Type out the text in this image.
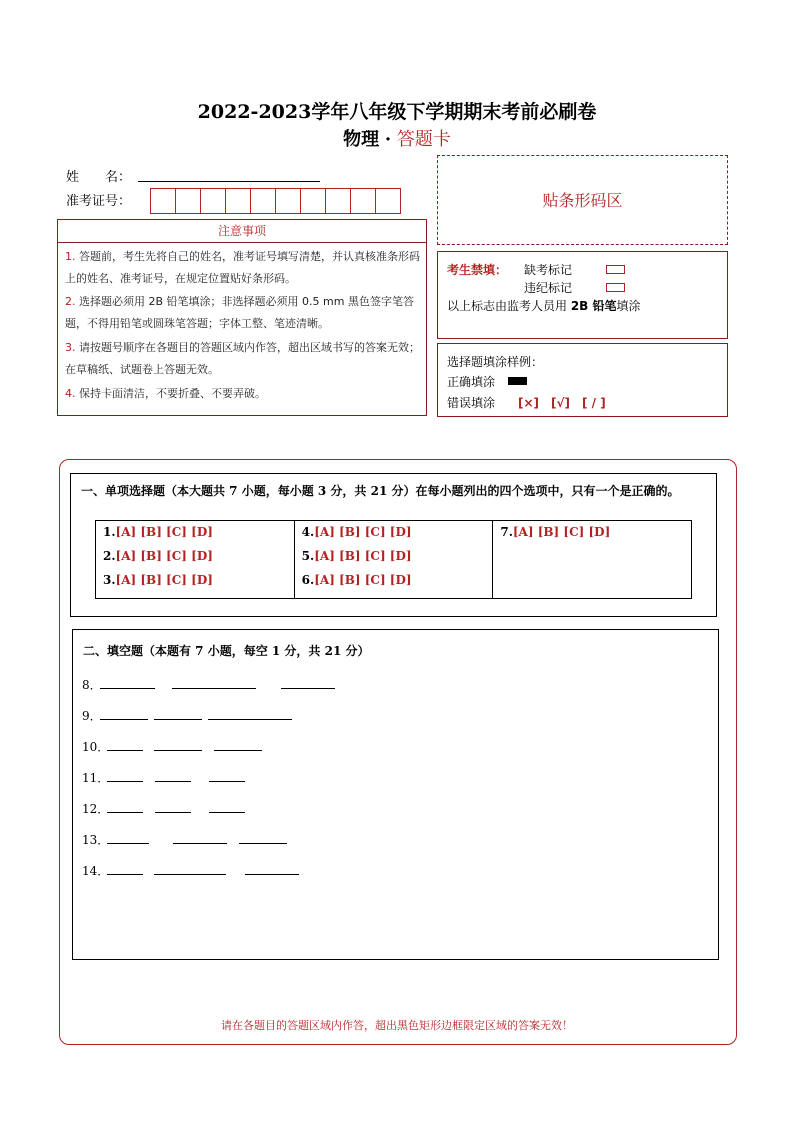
2022-2023学年八年级下学期期末考前必刷卷
物理 · 答题卡
姓　　名：
准考证号：	贴条形码区
注意事项

1. 答题前，考生先将自己的姓名，准考证号填写清楚，并认真核准条形码上的姓名、准考证号，在规定位置贴好条形码。

2. 选择题必须用 2B 铅笔填涂；非选择题必须用 0.5 mm 黑色签字笔答题，不得用铅笔或圆珠笔答题；字体工整、笔迹清晰。

3. 请按题号顺序在各题目的答题区域内作答，超出区域书写的答案无效；在草稿纸、试题卷上答题无效。

4. 保持卡面清洁，不要折叠、不要弄破。

考生禁填： 缺考标记
违纪标记
以上标志由监考人员用 2B 铅笔填涂
选择题填涂样例：
正确填涂
错误填涂 [×]　[√]　[ / ]
一、单项选择题（本大题共 7 小题，每小题 3 分，共 21 分）在每小题列出的四个选项中，只有一个是正确的。
1.[A] [B] [C] [D]
2.[A] [B] [C] [D]
3.[A] [B] [C] [D]
4.[A] [B] [C] [D]
5.[A] [B] [C] [D]
6.[A] [B] [C] [D]
7.[A] [B] [C] [D]
二、填空题（本题有 7 小题，每空 1 分，共 21 分）
8．
9．
10．
11．
12．
13．
14．
请在各题目的答题区域内作答，超出黑色矩形边框限定区域的答案无效！
